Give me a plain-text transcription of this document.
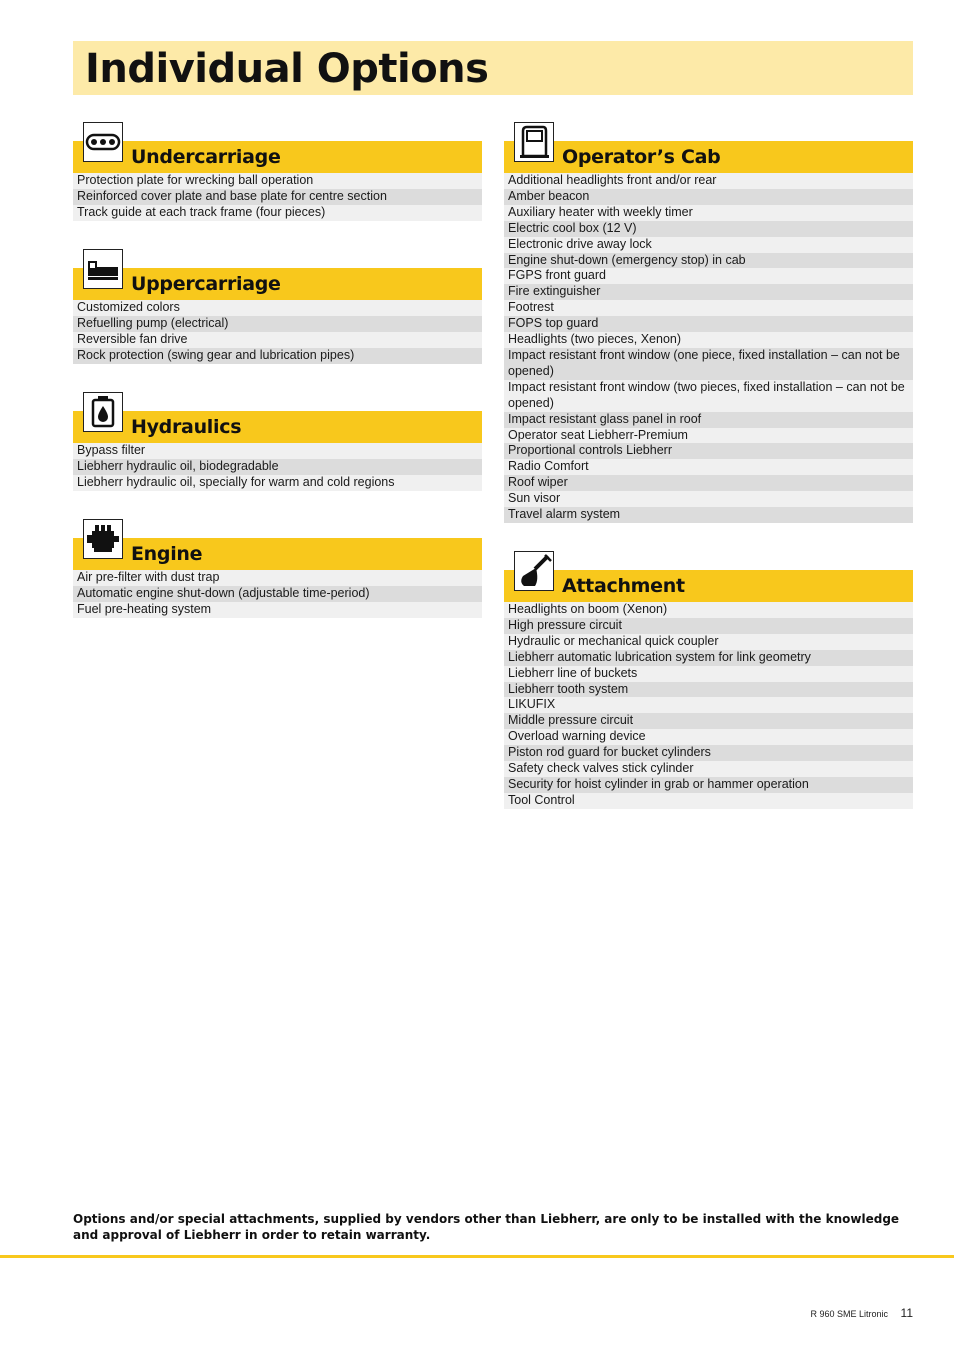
Individual Options
Undercarriage
Protection plate for wrecking ball operation
Reinforced cover plate and base plate for centre section
Track guide at each track frame (four pieces)
Uppercarriage
Customized colors
Refuelling pump (electrical)
Reversible fan drive
Rock protection (swing gear and lubrication pipes)
Hydraulics
Bypass filter
Liebherr hydraulic oil, biodegradable
Liebherr hydraulic oil, specially for warm and cold regions
Engine
Air pre-filter with dust trap
Automatic engine shut-down (adjustable time-period)
Fuel pre-heating system
Operator’s Cab
Additional headlights front and/or rear
Amber beacon
Auxiliary heater with weekly timer
Electric cool box (12 V)
Electronic drive away lock
Engine shut-down (emergency stop) in cab
FGPS front guard
Fire extinguisher
Footrest
FOPS top guard
Headlights (two pieces, Xenon)
Impact resistant front window (one piece, fixed installation – can not be opened)
Impact resistant front window (two pieces, fixed installation – can not be opened)
Impact resistant glass panel in roof
Operator seat Liebherr-Premium
Proportional controls Liebherr
Radio Comfort
Roof wiper
Sun visor
Travel alarm system
Attachment
Headlights on boom (Xenon)
High pressure circuit
Hydraulic or mechanical quick coupler
Liebherr automatic lubrication system for link geometry
Liebherr line of buckets
Liebherr tooth system
LIKUFIX
Middle pressure circuit
Overload warning device
Piston rod guard for bucket cylinders
Safety check valves stick cylinder
Security for hoist cylinder in grab or hammer operation
Tool Control
Options and/or special attachments, supplied by vendors other than Liebherr, are only to be installed with the knowledge and approval of Liebherr in order to retain warranty.
R 960 SME Litronic 11
